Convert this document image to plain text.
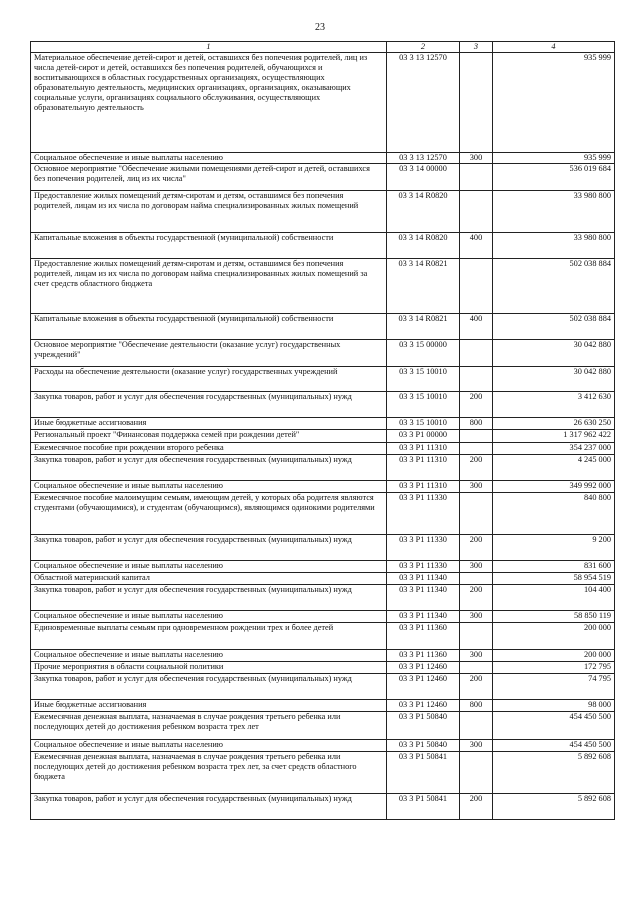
23
1	2	3	4
Материальное обеспечение детей-сирот и детей, оставшихся без попечения родителей, лиц из числа детей-сирот и детей, оставшихся без попечения родителей, обучающихся и воспитывающихся в областных государственных организациях, осуществляющих образовательную деятельность, медицинских организациях, организациях, оказывающих социальные услуги, организациях социального обслуживания, осуществляющих образовательную деятельность	03 3 13 12570		935 999
Социальное обеспечение и иные выплаты населению	03 3 13 12570	300	935 999
Основное мероприятие "Обеспечение жилыми помещениями детей-сирот и детей, оставшихся без попечения родителей, лиц из их числа"	03 3 14 00000		536 019 684
Предоставление жилых помещений детям-сиротам и детям, оставшимся без попечения родителей, лицам из их числа по договорам найма специализированных жилых помещений	03 3 14 R0820		33 980 800
Капитальные вложения в объекты государственной (муниципальной) собственности	03 3 14 R0820	400	33 980 800
Предоставление жилых помещений детям-сиротам и детям, оставшимся без попечения родителей, лицам из их числа по договорам найма специализированных жилых помещений за счет средств областного бюджета	03 3 14 R0821		502 038 884
Капитальные вложения в объекты государственной (муниципальной) собственности	03 3 14 R0821	400	502 038 884
Основное мероприятие "Обеспечение деятельности (оказание услуг) государственных учреждений"	03 3 15 00000		30 042 880
Расходы на обеспечение деятельности (оказание услуг) государственных учреждений	03 3 15 10010		30 042 880
Закупка товаров, работ и услуг для обеспечения государственных (муниципальных) нужд	03 3 15 10010	200	3 412 630
Иные бюджетные ассигнования	03 3 15 10010	800	26 630 250
Региональный проект "Финансовая поддержка семей при рождении детей"	03 3 P1 00000		1 317 962 422
Ежемесячное пособие при рождении второго ребенка	03 3 P1 11310		354 237 000
Закупка товаров, работ и услуг для обеспечения государственных (муниципальных) нужд	03 3 P1 11310	200	4 245 000
Социальное обеспечение и иные выплаты населению	03 3 P1 11310	300	349 992 000
Ежемесячное пособие малоимущим семьям, имеющим детей, у которых оба родителя являются студентами (обучающимися), и студентам (обучающимся), являющимся одинокими родителями	03 3 P1 11330		840 800
Закупка товаров, работ и услуг для обеспечения государственных (муниципальных) нужд	03 3 P1 11330	200	9 200
Социальное обеспечение и иные выплаты населению	03 3 P1 11330	300	831 600
Областной материнский капитал	03 3 P1 11340		58 954 519
Закупка товаров, работ и услуг для обеспечения государственных (муниципальных) нужд	03 3 P1 11340	200	104 400
Социальное обеспечение и иные выплаты населению	03 3 P1 11340	300	58 850 119
Единовременные выплаты семьям при одновременном рождении трех и более детей	03 3 P1 11360		200 000
Социальное обеспечение и иные выплаты населению	03 3 P1 11360	300	200 000
Прочие мероприятия в области социальной политики	03 3 P1 12460		172 795
Закупка товаров, работ и услуг для обеспечения государственных (муниципальных) нужд	03 3 P1 12460	200	74 795
Иные бюджетные ассигнования	03 3 P1 12460	800	98 000
Ежемесячная денежная выплата, назначаемая в случае рождения третьего ребенка или последующих детей до достижения ребенком возраста трех лет	03 3 P1 50840		454 450 500
Социальное обеспечение и иные выплаты населению	03 3 P1 50840	300	454 450 500
Ежемесячная денежная выплата, назначаемая в случае рождения третьего ребенка или последующих детей до достижения ребенком возраста трех лет, за счет средств областного бюджета	03 3 P1 50841		5 892 608
Закупка товаров, работ и услуг для обеспечения государственных (муниципальных) нужд	03 3 P1 50841	200	5 892 608
